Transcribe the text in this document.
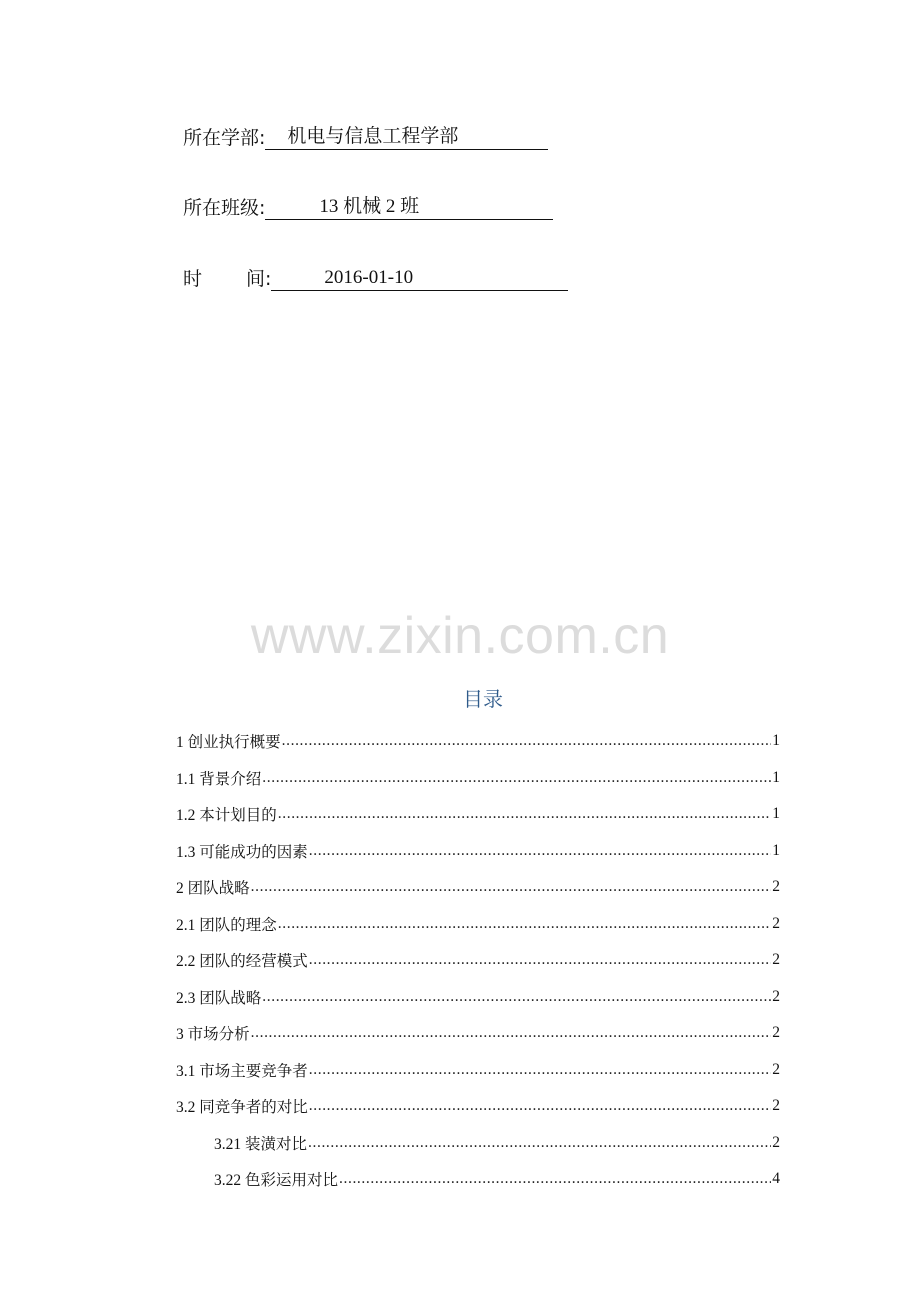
所在学部:	机电与信息工程学部
所在班级:	13 机械 2 班
时 间:	2016-01-10
www.zixin.com.cn
目录
1 创业执行概要 .....	1
1.1 背景介绍 .....	1
1.2 本计划目的 .....	1
1.3 可能成功的因素 .....	1
2 团队战略 .....	2
2.1 团队的理念 .....	2
2.2 团队的经营模式 .....	2
2.3 团队战略 .....	2
3 市场分析 .....	2
3.1 市场主要竞争者 .....	2
3.2 同竞争者的对比 .....	2
3.21 装潢对比 .....	2
3.22 色彩运用对比 .....	4
